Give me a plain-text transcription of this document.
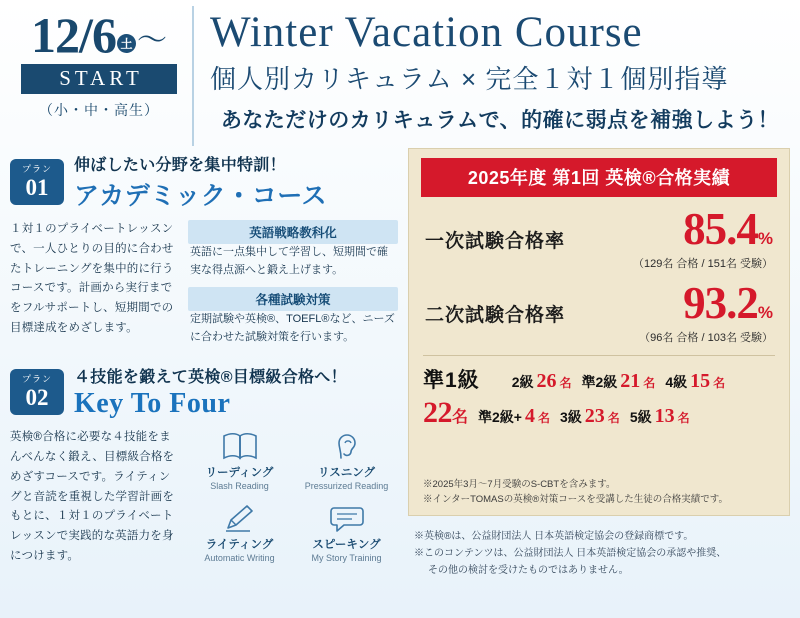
12/6 土 ～
START
（小・中・高生）
Winter Vacation Course
個人別カリキュラム × 完全１対１個別指導
あなただけのカリキュラムで、的確に弱点を補強しよう！
プラン
01
伸ばしたい分野を集中特訓！
アカデミック・コース
１対１のプライベートレッスンで、一人ひとりの目的に合わせたトレーニングを集中的に行うコースです。計画から実行までをフルサポートし、短期間での目標達成をめざします。
英語戦略教科化
英語に一点集中して学習し、短期間で確実な得点源へと鍛え上げます。
各種試験対策
定期試験や英検®、TOEFL®など、ニーズに合わせた試験対策を行います。
プラン
02
４技能を鍛えて英検®目標級合格へ！
Key To Four
英検®合格に必要な４技能をまんべんなく鍛え、目標級合格をめざすコースです。ライティングと音読を重視した学習計画をもとに、１対１のプライベートレッスンで実践的な英語力を身につけます。
リーディング
Slash Reading
リスニング
Pressurized Reading
ライティング
Automatic Writing
スピーキング
My Story Training
2025年度 第1回 英検®合格実績
一次試験合格率	85.4%
（129名 合格 / 151名 受験）
二次試験合格率	93.2%
（96名 合格 / 103名 受験）
準1級 2級 26 名 準2級 21 名 4級 15 名
22名 準2級+ 4 名 3級 23 名 5級 13 名
※2025年3月～7月受験のS-CBTを含みます。
※インターTOMASの英検®対策コースを受講した生徒の合格実績です。
※英検®は、公益財団法人 日本英語検定協会の登録商標です。
※このコンテンツは、公益財団法人 日本英語検定協会の承認や推奨、
その他の検討を受けたものではありません。
